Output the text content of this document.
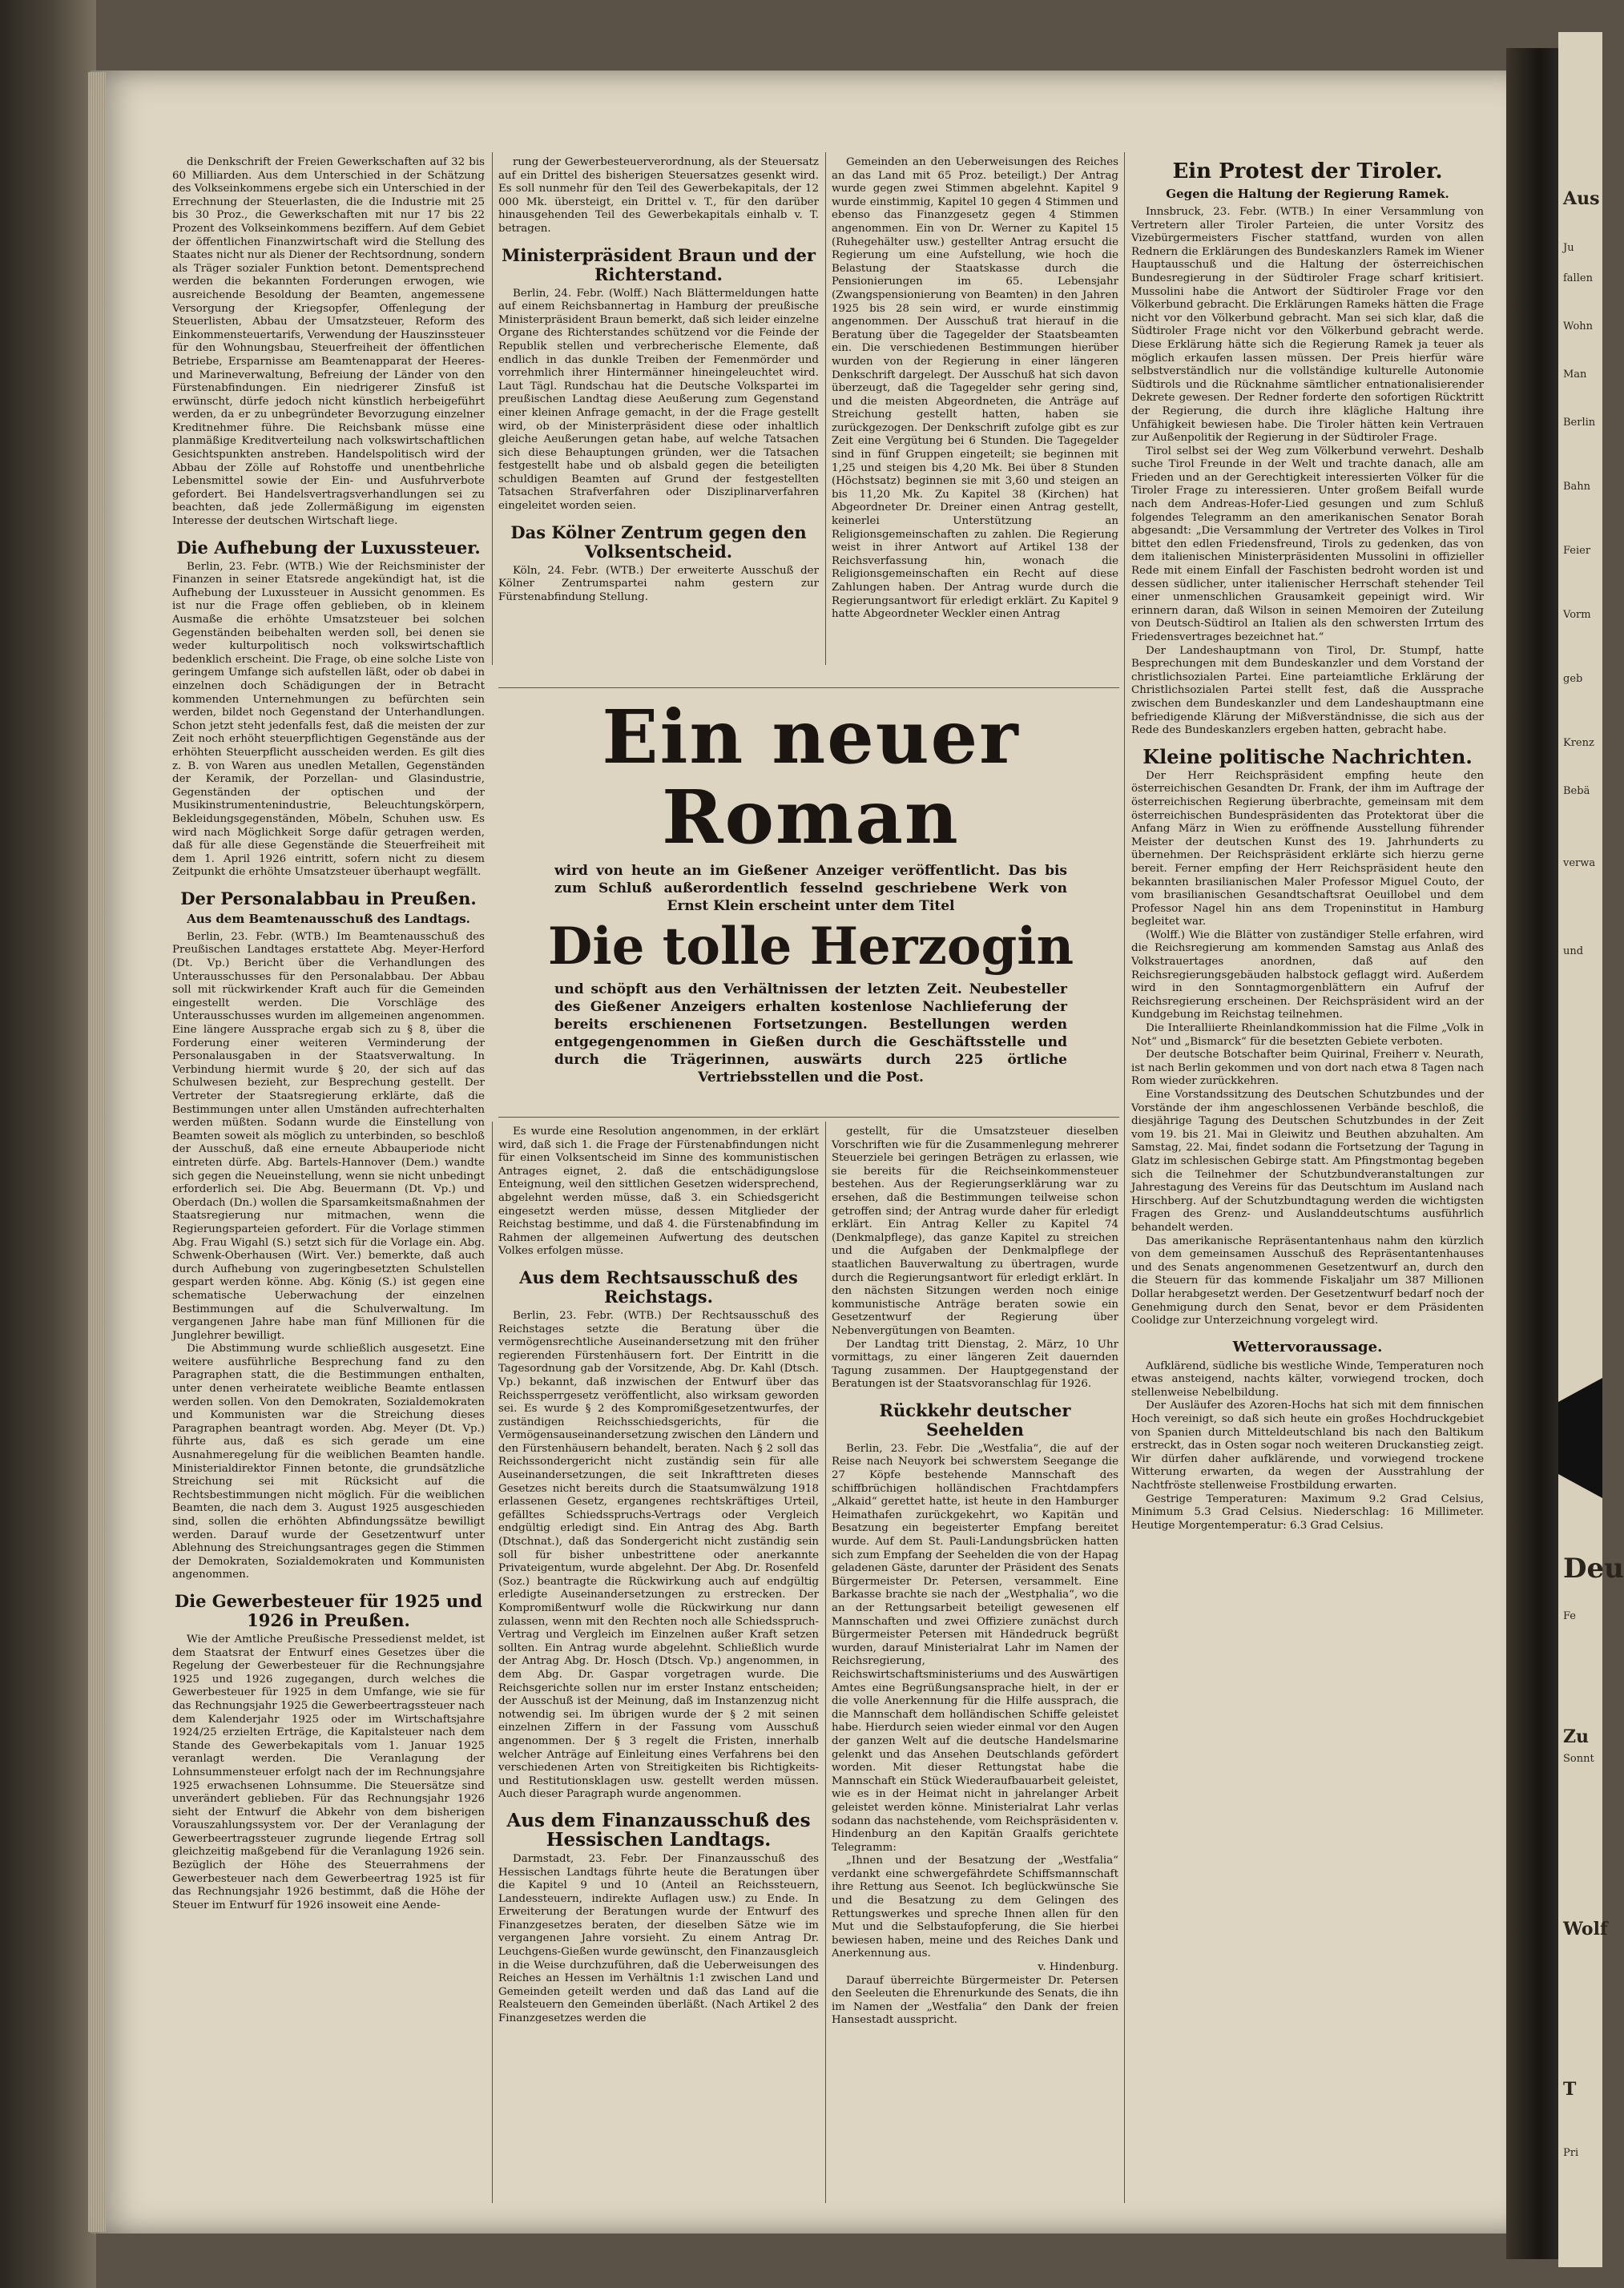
Aus
Ju
fallen
Wohn
Man
Berlin
Bahn
Feier
Vorm
geb
Krenz
Bebä
verwa
und
Deu
Fe
Zu
Sonnt
Wolf
T
Pri

die Denkschrift der Freien Gewerkschaften auf 32 bis 60 Milliarden. Aus dem Unterschied in der Schätzung des Volkseinkommens ergebe sich ein Unterschied in der Errechnung der Steuerlasten, die die Industrie mit 25 bis 30 Proz., die Gewerkschaften mit nur 17 bis 22 Prozent des Volkseinkommens beziffern. Auf dem Gebiet der öffentlichen Finanzwirtschaft wird die Stellung des Staates nicht nur als Diener der Rechtsordnung, sondern als Träger sozialer Funktion betont. Dementsprechend werden die bekannten Forderungen erwogen, wie ausreichende Besoldung der Beamten, angemessene Versorgung der Kriegsopfer, Offenlegung der Steuerlisten, Abbau der Umsatzsteuer, Reform des Einkommensteuertarifs, Verwendung der Hauszinssteuer für den Wohnungsbau, Steuerfreiheit der öffentlichen Betriebe, Ersparnisse am Beamtenapparat der Heeres- und Marineverwaltung, Befreiung der Länder von den Fürstenabfindungen. Ein niedrigerer Zinsfuß ist erwünscht, dürfe jedoch nicht künstlich herbeigeführt werden, da er zu unbegründeter Bevorzugung einzelner Kreditnehmer führe. Die Reichsbank müsse eine planmäßige Kreditverteilung nach volkswirtschaftlichen Gesichtspunkten anstreben. Handelspolitisch wird der Abbau der Zölle auf Rohstoffe und unentbehrliche Lebensmittel sowie der Ein- und Ausfuhrverbote gefordert. Bei Handelsvertragsverhandlungen sei zu beachten, daß jede Zollermäßigung im eigensten Interesse der deutschen Wirtschaft liege.

Die Aufhebung der Luxussteuer.

Berlin, 23. Febr. (WTB.) Wie der Reichsminister der Finanzen in seiner Etatsrede angekündigt hat, ist die Aufhebung der Luxussteuer in Aussicht genommen. Es ist nur die Frage offen geblieben, ob in kleinem Ausmaße die erhöhte Umsatzsteuer bei solchen Gegenständen beibehalten werden soll, bei denen sie weder kulturpolitisch noch volkswirtschaftlich bedenklich erscheint. Die Frage, ob eine solche Liste von geringem Umfange sich aufstellen läßt, oder ob dabei in einzelnen doch Schädigungen der in Betracht kommenden Unternehmungen zu befürchten sein werden, bildet noch Gegenstand der Unterhandlungen. Schon jetzt steht jedenfalls fest, daß die meisten der zur Zeit noch erhöht steuerpflichtigen Gegenstände aus der erhöhten Steuerpflicht ausscheiden werden. Es gilt dies z. B. von Waren aus unedlen Metallen, Gegenständen der Keramik, der Porzellan- und Glasindustrie, Gegenständen der optischen und der Musikinstrumentenindustrie, Beleuchtungskörpern, Bekleidungsgegenständen, Möbeln, Schuhen usw. Es wird nach Möglichkeit Sorge dafür getragen werden, daß für alle diese Gegenstände die Steuerfreiheit mit dem 1. April 1926 eintritt, sofern nicht zu diesem Zeitpunkt die erhöhte Umsatzsteuer überhaupt wegfällt.

Der Personalabbau in Preußen.
Aus dem Beamtenausschuß des Landtags.

Berlin, 23. Febr. (WTB.) Im Beamtenausschuß des Preußischen Landtages erstattete Abg. Meyer-Herford (Dt. Vp.) Bericht über die Verhandlungen des Unterausschusses für den Personalabbau. Der Abbau soll mit rückwirkender Kraft auch für die Gemeinden eingestellt werden. Die Vorschläge des Unterausschusses wurden im allgemeinen angenommen. Eine längere Aussprache ergab sich zu § 8, über die Forderung einer weiteren Verminderung der Personalausgaben in der Staatsverwaltung. In Verbindung hiermit wurde § 20, der sich auf das Schulwesen bezieht, zur Besprechung gestellt. Der Vertreter der Staatsregierung erklärte, daß die Bestimmungen unter allen Umständen aufrechterhalten werden müßten. Sodann wurde die Einstellung von Beamten soweit als möglich zu unterbinden, so beschloß der Ausschuß, daß eine erneute Abbauperiode nicht eintreten dürfe. Abg. Bartels-Hannover (Dem.) wandte sich gegen die Neueinstellung, wenn sie nicht unbedingt erforderlich sei. Die Abg. Beuermann (Dt. Vp.) und Oberdach (Dn.) wollen die Sparsamkeitsmaßnahmen der Staatsregierung nur mitmachen, wenn die Regierungsparteien gefordert. Für die Vorlage stimmen Abg. Frau Wigahl (S.) setzt sich für die Vorlage ein. Abg. Schwenk-Oberhausen (Wirt. Ver.) bemerkte, daß auch durch Aufhebung von zugeringbesetzten Schulstellen gespart werden könne. Abg. König (S.) ist gegen eine schematische Ueberwachung der einzelnen Bestimmungen auf die Schulverwaltung. Im vergangenen Jahre habe man fünf Millionen für die Junglehrer bewilligt.

Die Abstimmung wurde schließlich ausgesetzt. Eine weitere ausführliche Besprechung fand zu den Paragraphen statt, die die Bestimmungen enthalten, unter denen verheiratete weibliche Beamte entlassen werden sollen. Von den Demokraten, Sozialdemokraten und Kommunisten war die Streichung dieses Paragraphen beantragt worden. Abg. Meyer (Dt. Vp.) führte aus, daß es sich gerade um eine Ausnahmeregelung für die weiblichen Beamten handle. Ministerialdirektor Finnen betonte, die grundsätzliche Streichung sei mit Rücksicht auf die Rechtsbestimmungen nicht möglich. Für die weiblichen Beamten, die nach dem 3. August 1925 ausgeschieden sind, sollen die erhöhten Abfindungssätze bewilligt werden. Darauf wurde der Gesetzentwurf unter Ablehnung des Streichungsantrages gegen die Stimmen der Demokraten, Sozialdemokraten und Kommunisten angenommen.

Die Gewerbesteuer für 1925 und 1926 in Preußen.

Wie der Amtliche Preußische Pressedienst meldet, ist dem Staatsrat der Entwurf eines Gesetzes über die Regelung der Gewerbesteuer für die Rechnungsjahre 1925 und 1926 zugegangen, durch welches die Gewerbesteuer für 1925 in dem Umfange, wie sie für das Rechnungsjahr 1925 die Gewerbeertragssteuer nach dem Kalenderjahr 1925 oder im Wirtschaftsjahre 1924/25 erzielten Erträge, die Kapitalsteuer nach dem Stande des Gewerbekapitals vom 1. Januar 1925 veranlagt werden. Die Veranlagung der Lohnsummensteuer erfolgt nach der im Rechnungsjahre 1925 erwachsenen Lohnsumme. Die Steuersätze sind unverändert geblieben. Für das Rechnungsjahr 1926 sieht der Entwurf die Abkehr von dem bisherigen Vorauszahlungssystem vor. Der der Veranlagung der Gewerbeertragssteuer zugrunde liegende Ertrag soll gleichzeitig maßgebend für die Veranlagung 1926 sein. Bezüglich der Höhe des Steuerrahmens der Gewerbesteuer nach dem Gewerbeertrag 1925 ist für das Rechnungsjahr 1926 bestimmt, daß die Höhe der Steuer im Entwurf für 1926 insoweit eine Aende-

rung der Gewerbesteuerverordnung, als der Steuersatz auf ein Drittel des bisherigen Steuersatzes gesenkt wird. Es soll nunmehr für den Teil des Gewerbekapitals, der 12 000 Mk. übersteigt, ein Drittel v. T., für den darüber hinausgehenden Teil des Gewerbekapitals einhalb v. T. betragen.

Ministerpräsident Braun und der Richterstand.

Berlin, 24. Febr. (Wolff.) Nach Blättermeldungen hatte auf einem Reichsbannertag in Hamburg der preußische Ministerpräsident Braun bemerkt, daß sich leider einzelne Organe des Richterstandes schützend vor die Feinde der Republik stellen und verbrecherische Elemente, daß endlich in das dunkle Treiben der Femenmörder und vorrehmlich ihrer Hintermänner hineingeleuchtet wird. Laut Tägl. Rundschau hat die Deutsche Volkspartei im preußischen Landtag diese Aeußerung zum Gegenstand einer kleinen Anfrage gemacht, in der die Frage gestellt wird, ob der Ministerpräsident diese oder inhaltlich gleiche Aeußerungen getan habe, auf welche Tatsachen sich diese Behauptungen gründen, wer die Tatsachen festgestellt habe und ob alsbald gegen die beteiligten schuldigen Beamten auf Grund der festgestellten Tatsachen Strafverfahren oder Disziplinarverfahren eingeleitet worden seien.

Das Kölner Zentrum gegen den Volksentscheid.

Köln, 24. Febr. (WTB.) Der erweiterte Ausschuß der Kölner Zentrumspartei nahm gestern zur Fürstenabfindung Stellung.

Gemeinden an den Ueberweisungen des Reiches an das Land mit 65 Proz. beteiligt.) Der Antrag wurde gegen zwei Stimmen abgelehnt. Kapitel 9 wurde einstimmig, Kapitel 10 gegen 4 Stimmen und ebenso das Finanzgesetz gegen 4 Stimmen angenommen. Ein von Dr. Werner zu Kapitel 15 (Ruhegehälter usw.) gestellter Antrag ersucht die Regierung um eine Aufstellung, wie hoch die Belastung der Staatskasse durch die Pensionierungen im 65. Lebensjahr (Zwangspensionierung von Beamten) in den Jahren 1925 bis 28 sein wird, er wurde einstimmig angenommen. Der Ausschuß trat hierauf in die Beratung über die Tagegelder der Staatsbeamten ein. Die verschiedenen Bestimmungen hierüber wurden von der Regierung in einer längeren Denkschrift dargelegt. Der Ausschuß hat sich davon überzeugt, daß die Tagegelder sehr gering sind, und die meisten Abgeordneten, die Anträge auf Streichung gestellt hatten, haben sie zurückgezogen. Der Denkschrift zufolge gibt es zur Zeit eine Vergütung bei 6 Stunden. Die Tagegelder sind in fünf Gruppen eingeteilt; sie beginnen mit 1,25 und steigen bis 4,20 Mk. Bei über 8 Stunden (Höchstsatz) beginnen sie mit 3,60 und steigen an bis 11,20 Mk. Zu Kapitel 38 (Kirchen) hat Abgeordneter Dr. Dreiner einen Antrag gestellt, keinerlei Unterstützung an Religionsgemeinschaften zu zahlen. Die Regierung weist in ihrer Antwort auf Artikel 138 der Reichsverfassung hin, wonach die Religionsgemeinschaften ein Recht auf diese Zahlungen haben. Der Antrag wurde durch die Regierungsantwort für erledigt erklärt. Zu Kapitel 9 hatte Abgeordneter Weckler einen Antrag

Ein Protest der Tiroler.
Gegen die Haltung der Regierung Ramek.

Innsbruck, 23. Febr. (WTB.) In einer Versammlung von Vertretern aller Tiroler Parteien, die unter Vorsitz des Vizebürgermeisters Fischer stattfand, wurden von allen Rednern die Erklärungen des Bundeskanzlers Ramek im Wiener Hauptausschuß und die Haltung der österreichischen Bundesregierung in der Südtiroler Frage scharf kritisiert. Mussolini habe die Antwort der Südtiroler Frage vor den Völkerbund gebracht. Die Erklärungen Rameks hätten die Frage nicht vor den Völkerbund gebracht. Man sei sich klar, daß die Südtiroler Frage nicht vor den Völkerbund gebracht werde. Diese Erklärung hätte sich die Regierung Ramek ja teuer als möglich erkaufen lassen müssen. Der Preis hierfür wäre selbstverständlich nur die vollständige kulturelle Autonomie Südtirols und die Rücknahme sämtlicher entnationalisierender Dekrete gewesen. Der Redner forderte den sofortigen Rücktritt der Regierung, die durch ihre klägliche Haltung ihre Unfähigkeit bewiesen habe. Die Tiroler hätten kein Vertrauen zur Außenpolitik der Regierung in der Südtiroler Frage.

Tirol selbst sei der Weg zum Völkerbund verwehrt. Deshalb suche Tirol Freunde in der Welt und trachte danach, alle am Frieden und an der Gerechtigkeit interessierten Völker für die Tiroler Frage zu interessieren. Unter großem Beifall wurde nach dem Andreas-Hofer-Lied gesungen und zum Schluß folgendes Telegramm an den amerikanischen Senator Borah abgesandt: „Die Versammlung der Vertreter des Volkes in Tirol bittet den edlen Friedensfreund, Tirols zu gedenken, das von dem italienischen Ministerpräsidenten Mussolini in offizieller Rede mit einem Einfall der Faschisten bedroht worden ist und dessen südlicher, unter italienischer Herrschaft stehender Teil einer unmenschlichen Grausamkeit gepeinigt wird. Wir erinnern daran, daß Wilson in seinen Memoiren der Zuteilung von Deutsch-Südtirol an Italien als den schwersten Irrtum des Friedensvertrages bezeichnet hat.“

Der Landeshauptmann von Tirol, Dr. Stumpf, hatte Besprechungen mit dem Bundeskanzler und dem Vorstand der christlichsozialen Partei. Eine parteiamtliche Erklärung der Christlichsozialen Partei stellt fest, daß die Aussprache zwischen dem Bundeskanzler und dem Landeshauptmann eine befriedigende Klärung der Mißverständnisse, die sich aus der Rede des Bundeskanzlers ergeben hatten, gebracht habe.

Kleine politische Nachrichten.

Der Herr Reichspräsident empfing heute den österreichischen Gesandten Dr. Frank, der ihm im Auftrage der österreichischen Regierung überbrachte, gemeinsam mit dem österreichischen Bundespräsidenten das Protektorat über die Anfang März in Wien zu eröffnende Ausstellung führender Meister der deutschen Kunst des 19. Jahrhunderts zu übernehmen. Der Reichspräsident erklärte sich hierzu gerne bereit. Ferner empfing der Herr Reichspräsident heute den bekannten brasilianischen Maler Professor Miguel Couto, der vom brasilianischen Gesandtschaftsrat Oeuillobel und dem Professor Nagel hin ans dem Tropeninstitut in Hamburg begleitet war.

(Wolff.) Wie die Blätter von zuständiger Stelle erfahren, wird die Reichsregierung am kommenden Samstag aus Anlaß des Volkstrauertages anordnen, daß auf den Reichsregierungsgebäuden halbstock geflaggt wird. Außerdem wird in den Sonntagmorgenblättern ein Aufruf der Reichsregierung erscheinen. Der Reichspräsident wird an der Kundgebung im Reichstag teilnehmen.

Die Interalliierte Rheinlandkommission hat die Filme „Volk in Not“ und „Bismarck“ für die besetzten Gebiete verboten.

Der deutsche Botschafter beim Quirinal, Freiherr v. Neurath, ist nach Berlin gekommen und von dort nach etwa 8 Tagen nach Rom wieder zurückkehren.

Eine Vorstandssitzung des Deutschen Schutzbundes und der Vorstände der ihm angeschlossenen Verbände beschloß, die diesjährige Tagung des Deutschen Schutzbundes in der Zeit vom 19. bis 21. Mai in Gleiwitz und Beuthen abzuhalten. Am Samstag, 22. Mai, findet sodann die Fortsetzung der Tagung in Glatz im schlesischen Gebirge statt. Am Pfingstmontag begeben sich die Teilnehmer der Schutzbundveranstaltungen zur Jahrestagung des Vereins für das Deutschtum im Ausland nach Hirschberg. Auf der Schutzbundtagung werden die wichtigsten Fragen des Grenz- und Auslanddeutschtums ausführlich behandelt werden.

Das amerikanische Repräsentantenhaus nahm den kürzlich von dem gemeinsamen Ausschuß des Repräsentantenhauses und des Senats angenommenen Gesetzentwurf an, durch den die Steuern für das kommende Fiskaljahr um 387 Millionen Dollar herabgesetzt werden. Der Gesetzentwurf bedarf noch der Genehmigung durch den Senat, bevor er dem Präsidenten Coolidge zur Unterzeichnung vorgelegt wird.

Wettervoraussage.

Aufklärend, südliche bis westliche Winde, Temperaturen noch etwas ansteigend, nachts kälter, vorwiegend trocken, doch stellenweise Nebelbildung.

Der Ausläufer des Azoren-Hochs hat sich mit dem finnischen Hoch vereinigt, so daß sich heute ein großes Hochdruckgebiet von Spanien durch Mitteldeutschland bis nach den Baltikum erstreckt, das in Osten sogar noch weiteren Druckanstieg zeigt. Wir dürfen daher aufklärende, und vorwiegend trockene Witterung erwarten, da wegen der Ausstrahlung der Nachtfröste stellenweise Frostbildung erwarten.

Gestrige Temperaturen: Maximum 9.2 Grad Celsius, Minimum 5.3 Grad Celsius. Niederschlag: 16 Millimeter. Heutige Morgentemperatur: 6.3 Grad Celsius.

Ein neuer Roman
wird von heute an im Gießener Anzeiger veröffentlicht. Das bis zum Schluß außerordentlich fesselnd geschriebene Werk von Ernst Klein erscheint unter dem Titel
Die tolle Herzogin
und schöpft aus den Verhältnissen der letzten Zeit. Neubesteller des Gießener Anzeigers erhalten kostenlose Nachlieferung der bereits erschienenen Fortsetzungen. Bestellungen werden entgegengenommen in Gießen durch die Geschäftsstelle und durch die Trägerinnen, auswärts durch 225 örtliche Vertriebsstellen und die Post.

Es wurde eine Resolution angenommen, in der erklärt wird, daß sich 1. die Frage der Fürstenabfindungen nicht für einen Volksentscheid im Sinne des kommunistischen Antrages eignet, 2. daß die entschädigungslose Enteignung, weil den sittlichen Gesetzen widersprechend, abgelehnt werden müsse, daß 3. ein Schiedsgericht eingesetzt werden müsse, dessen Mitglieder der Reichstag bestimme, und daß 4. die Fürstenabfindung im Rahmen der allgemeinen Aufwertung des deutschen Volkes erfolgen müsse.

Aus dem Rechtsausschuß des Reichstags.

Berlin, 23. Febr. (WTB.) Der Rechtsausschuß des Reichstages setzte die Beratung über die vermögensrechtliche Auseinandersetzung mit den früher regierenden Fürstenhäusern fort. Der Eintritt in die Tagesordnung gab der Vorsitzende, Abg. Dr. Kahl (Dtsch. Vp.) bekannt, daß inzwischen der Entwurf über das Reichssperrgesetz veröffentlicht, also wirksam geworden sei. Es wurde § 2 des Kompromißgesetzentwurfes, der zuständigen Reichsschiedsgerichts, für die Vermögensauseinandersetzung zwischen den Ländern und den Fürstenhäusern behandelt, beraten. Nach § 2 soll das Reichssondergericht nicht zuständig sein für alle Auseinandersetzungen, die seit Inkrafttreten dieses Gesetzes nicht bereits durch die Staatsumwälzung 1918 erlassenen Gesetz, ergangenes rechtskräftiges Urteil, gefälltes Schiedsspruchs-Vertrags oder Vergleich endgültig erledigt sind. Ein Antrag des Abg. Barth (Dtschnat.), daß das Sondergericht nicht zuständig sein soll für bisher unbestrittene oder anerkannte Privateigentum, wurde abgelehnt. Der Abg. Dr. Rosenfeld (Soz.) beantragte die Rückwirkung auch auf endgültig erledigte Auseinandersetzungen zu erstrecken. Der Kompromißentwurf wolle die Rückwirkung nur dann zulassen, wenn mit den Rechten noch alle Schiedsspruch-Vertrag und Vergleich im Einzelnen außer Kraft setzen sollten. Ein Antrag wurde abgelehnt. Schließlich wurde der Antrag Abg. Dr. Hosch (Dtsch. Vp.) angenommen, in dem Abg. Dr. Gaspar vorgetragen wurde. Die Reichsgerichte sollen nur im erster Instanz entscheiden; der Ausschuß ist der Meinung, daß im Instanzenzug nicht notwendig sei. Im übrigen wurde der § 2 mit seinen einzelnen Ziffern in der Fassung vom Ausschuß angenommen. Der § 3 regelt die Fristen, innerhalb welcher Anträge auf Einleitung eines Verfahrens bei den verschiedenen Arten von Streitigkeiten bis Richtigkeits- und Restitutionsklagen usw. gestellt werden müssen. Auch dieser Paragraph wurde angenommen.

Aus dem Finanzausschuß des Hessischen Landtags.

Darmstadt, 23. Febr. Der Finanzausschuß des Hessischen Landtags führte heute die Beratungen über die Kapitel 9 und 10 (Anteil an Reichssteuern, Landessteuern, indirekte Auflagen usw.) zu Ende. In Erweiterung der Beratungen wurde der Entwurf des Finanzgesetzes beraten, der dieselben Sätze wie im vergangenen Jahre vorsieht. Zu einem Antrag Dr. Leuchgens-Gießen wurde gewünscht, den Finanzausgleich in die Weise durchzuführen, daß die Ueberweisungen des Reiches an Hessen im Verhältnis 1:1 zwischen Land und Gemeinden geteilt werden und daß das Land auf die Realsteuern den Gemeinden überläßt. (Nach Artikel 2 des Finanzgesetzes werden die

gestellt, für die Umsatzsteuer dieselben Vorschriften wie für die Zusammenlegung mehrerer Steuerziele bei geringen Beträgen zu erlassen, wie sie bereits für die Reichseinkommensteuer bestehen. Aus der Regierungserklärung war zu ersehen, daß die Bestimmungen teilweise schon getroffen sind; der Antrag wurde daher für erledigt erklärt. Ein Antrag Keller zu Kapitel 74 (Denkmalpflege), das ganze Kapitel zu streichen und die Aufgaben der Denkmalpflege der staatlichen Bauverwaltung zu übertragen, wurde durch die Regierungsantwort für erledigt erklärt. In den nächsten Sitzungen werden noch einige kommunistische Anträge beraten sowie ein Gesetzentwurf der Regierung über Nebenvergütungen von Beamten.

Der Landtag tritt Dienstag, 2. März, 10 Uhr vormittags, zu einer längeren Zeit dauernden Tagung zusammen. Der Hauptgegenstand der Beratungen ist der Staatsvoranschlag für 1926.

Rückkehr deutscher Seehelden

Berlin, 23. Febr. Die „Westfalia“, die auf der Reise nach Neuyork bei schwerstem Seegange die 27 Köpfe bestehende Mannschaft des schiffbrüchigen holländischen Frachtdampfers „Alkaid“ gerettet hatte, ist heute in den Hamburger Heimathafen zurückgekehrt, wo Kapitän und Besatzung ein begeisterter Empfang bereitet wurde. Auf dem St. Pauli-Landungsbrücken hatten sich zum Empfang der Seehelden die von der Hapag geladenen Gäste, darunter der Präsident des Senats Bürgermeister Dr. Petersen, versammelt. Eine Barkasse brachte sie nach der „Westphalia“, wo die an der Rettungsarbeit beteiligt gewesenen elf Mannschaften und zwei Offiziere zunächst durch Bürgermeister Petersen mit Händedruck begrüßt wurden, darauf Ministerialrat Lahr im Namen der Reichsregierung, des Reichswirtschaftsministeriums und des Auswärtigen Amtes eine Begrüßungsansprache hielt, in der er die volle Anerkennung für die Hilfe aussprach, die die Mannschaft dem holländischen Schiffe geleistet habe. Hierdurch seien wieder einmal vor den Augen der ganzen Welt auf die deutsche Handelsmarine gelenkt und das Ansehen Deutschlands gefördert worden. Mit dieser Rettungstat habe die Mannschaft ein Stück Wiederaufbauarbeit geleistet, wie es in der Heimat nicht in jahrelanger Arbeit geleistet werden könne. Ministerialrat Lahr verlas sodann das nachstehende, vom Reichspräsidenten v. Hindenburg an den Kapitän Graalfs gerichtete Telegramm:

„Ihnen und der Besatzung der „Westfalia“ verdankt eine schwergefährdete Schiffsmannschaft ihre Rettung aus Seenot. Ich beglückwünsche Sie und die Besatzung zu dem Gelingen des Rettungswerkes und spreche Ihnen allen für den Mut und die Selbstaufopferung, die Sie hierbei bewiesen haben, meine und des Reiches Dank und Anerkennung aus.

v. Hindenburg.

Darauf überreichte Bürgermeister Dr. Petersen den Seeleuten die Ehrenurkunde des Senats, die ihn im Namen der „Westfalia“ den Dank der freien Hansestadt ausspricht.
